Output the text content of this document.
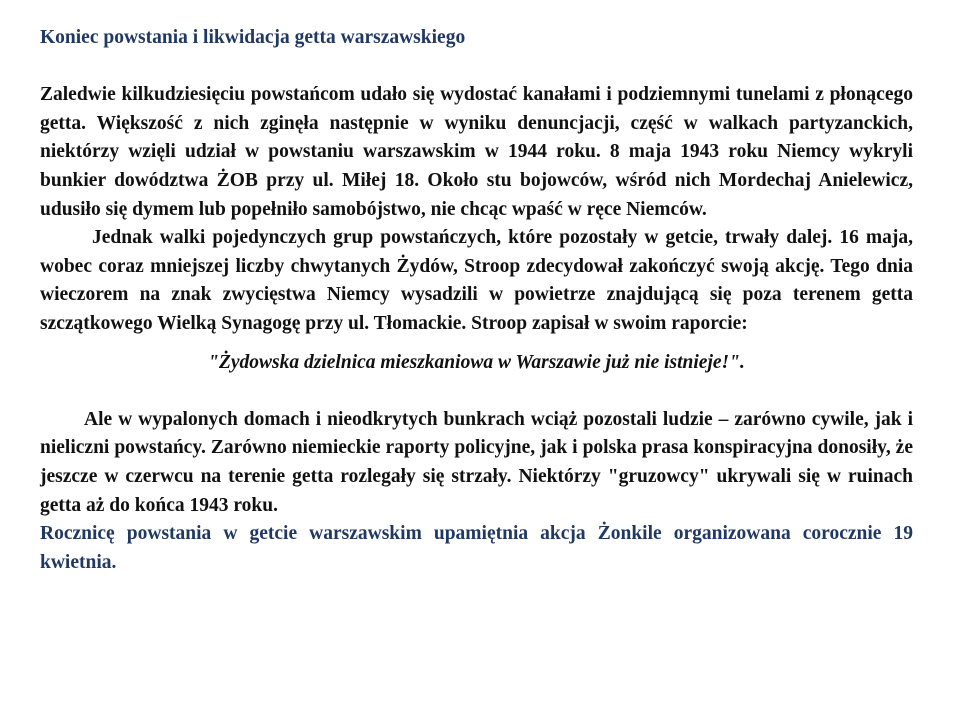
Koniec powstania i likwidacja getta warszawskiego

Zaledwie kilkudziesięciu powstańcom udało się wydostać kanałami i podziemnymi tunelami z płonącego getta. Większość z nich zginęła następnie w wyniku denuncjacji, część w walkach partyzanckich, niektórzy wzięli udział w powstaniu warszawskim w 1944 roku. 8 maja 1943 roku Niemcy wykryli bunkier dowództwa ŻOB przy ul. Miłej 18. Około stu bojowców, wśród nich Mordechaj Anielewicz, udusiło się dymem lub popełniło samobójstwo, nie chcąc wpaść w ręce Niemców.

Jednak walki pojedynczych grup powstańczych, które pozostały w getcie, trwały dalej. 16 maja, wobec coraz mniejszej liczby chwytanych Żydów, Stroop zdecydował zakończyć swoją akcję. Tego dnia wieczorem na znak zwycięstwa Niemcy wysadzili w powietrze znajdującą się poza terenem getta szczątkowego Wielką Synagogę przy ul. Tłomackie. Stroop zapisał w swoim raporcie:

"Żydowska dzielnica mieszkaniowa w Warszawie już nie istnieje!".

Ale w wypalonych domach i nieodkrytych bunkrach wciąż pozostali ludzie – zarówno cywile, jak i nieliczni powstańcy. Zarówno niemieckie raporty policyjne, jak i polska prasa konspiracyjna donosiły, że jeszcze w czerwcu na terenie getta rozlegały się strzały. Niektórzy "gruzowcy" ukrywali się w ruinach getta aż do końca 1943 roku.

Rocznicę powstania w getcie warszawskim upamiętnia akcja Żonkile organizowana corocznie 19 kwietnia.
